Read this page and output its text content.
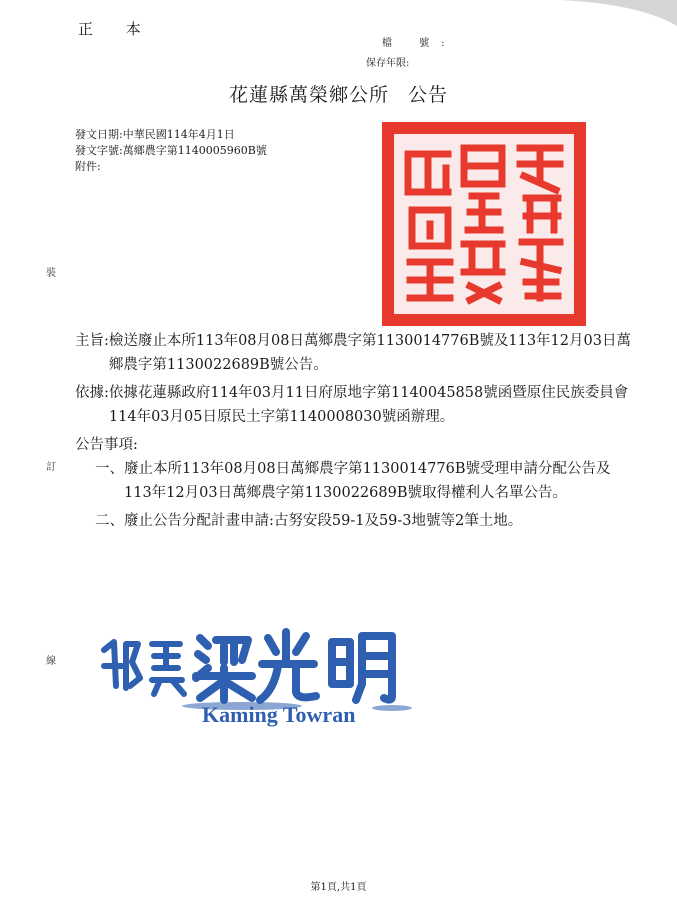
正 本
檔 號:
保存年限:
花蓮縣萬榮鄉公所 公告
發文日期:中華民國114年4月1日
發文字號:萬鄉農字第1140005960B號
附件:
裝
訂
線
主旨: 檢送廢止本所113年08月08日萬鄉農字第1130014776B號及113年12月03日萬鄉農字第1130022689B號公告。
依據: 依據花蓮縣政府114年03月11日府原地字第1140045858號函暨原住民族委員會114年03月05日原民土字第1140008030號函辦理。
公告事項:
一、 廢止本所113年08月08日萬鄉農字第1130014776B號受理申請分配公告及113年12月03日萬鄉農字第1130022689B號取得權利人名單公告。
二、 廢止公告分配計畫申請:古努安段59-1及59-3地號等2筆土地。
Kaming Towran
第1頁,共1頁
